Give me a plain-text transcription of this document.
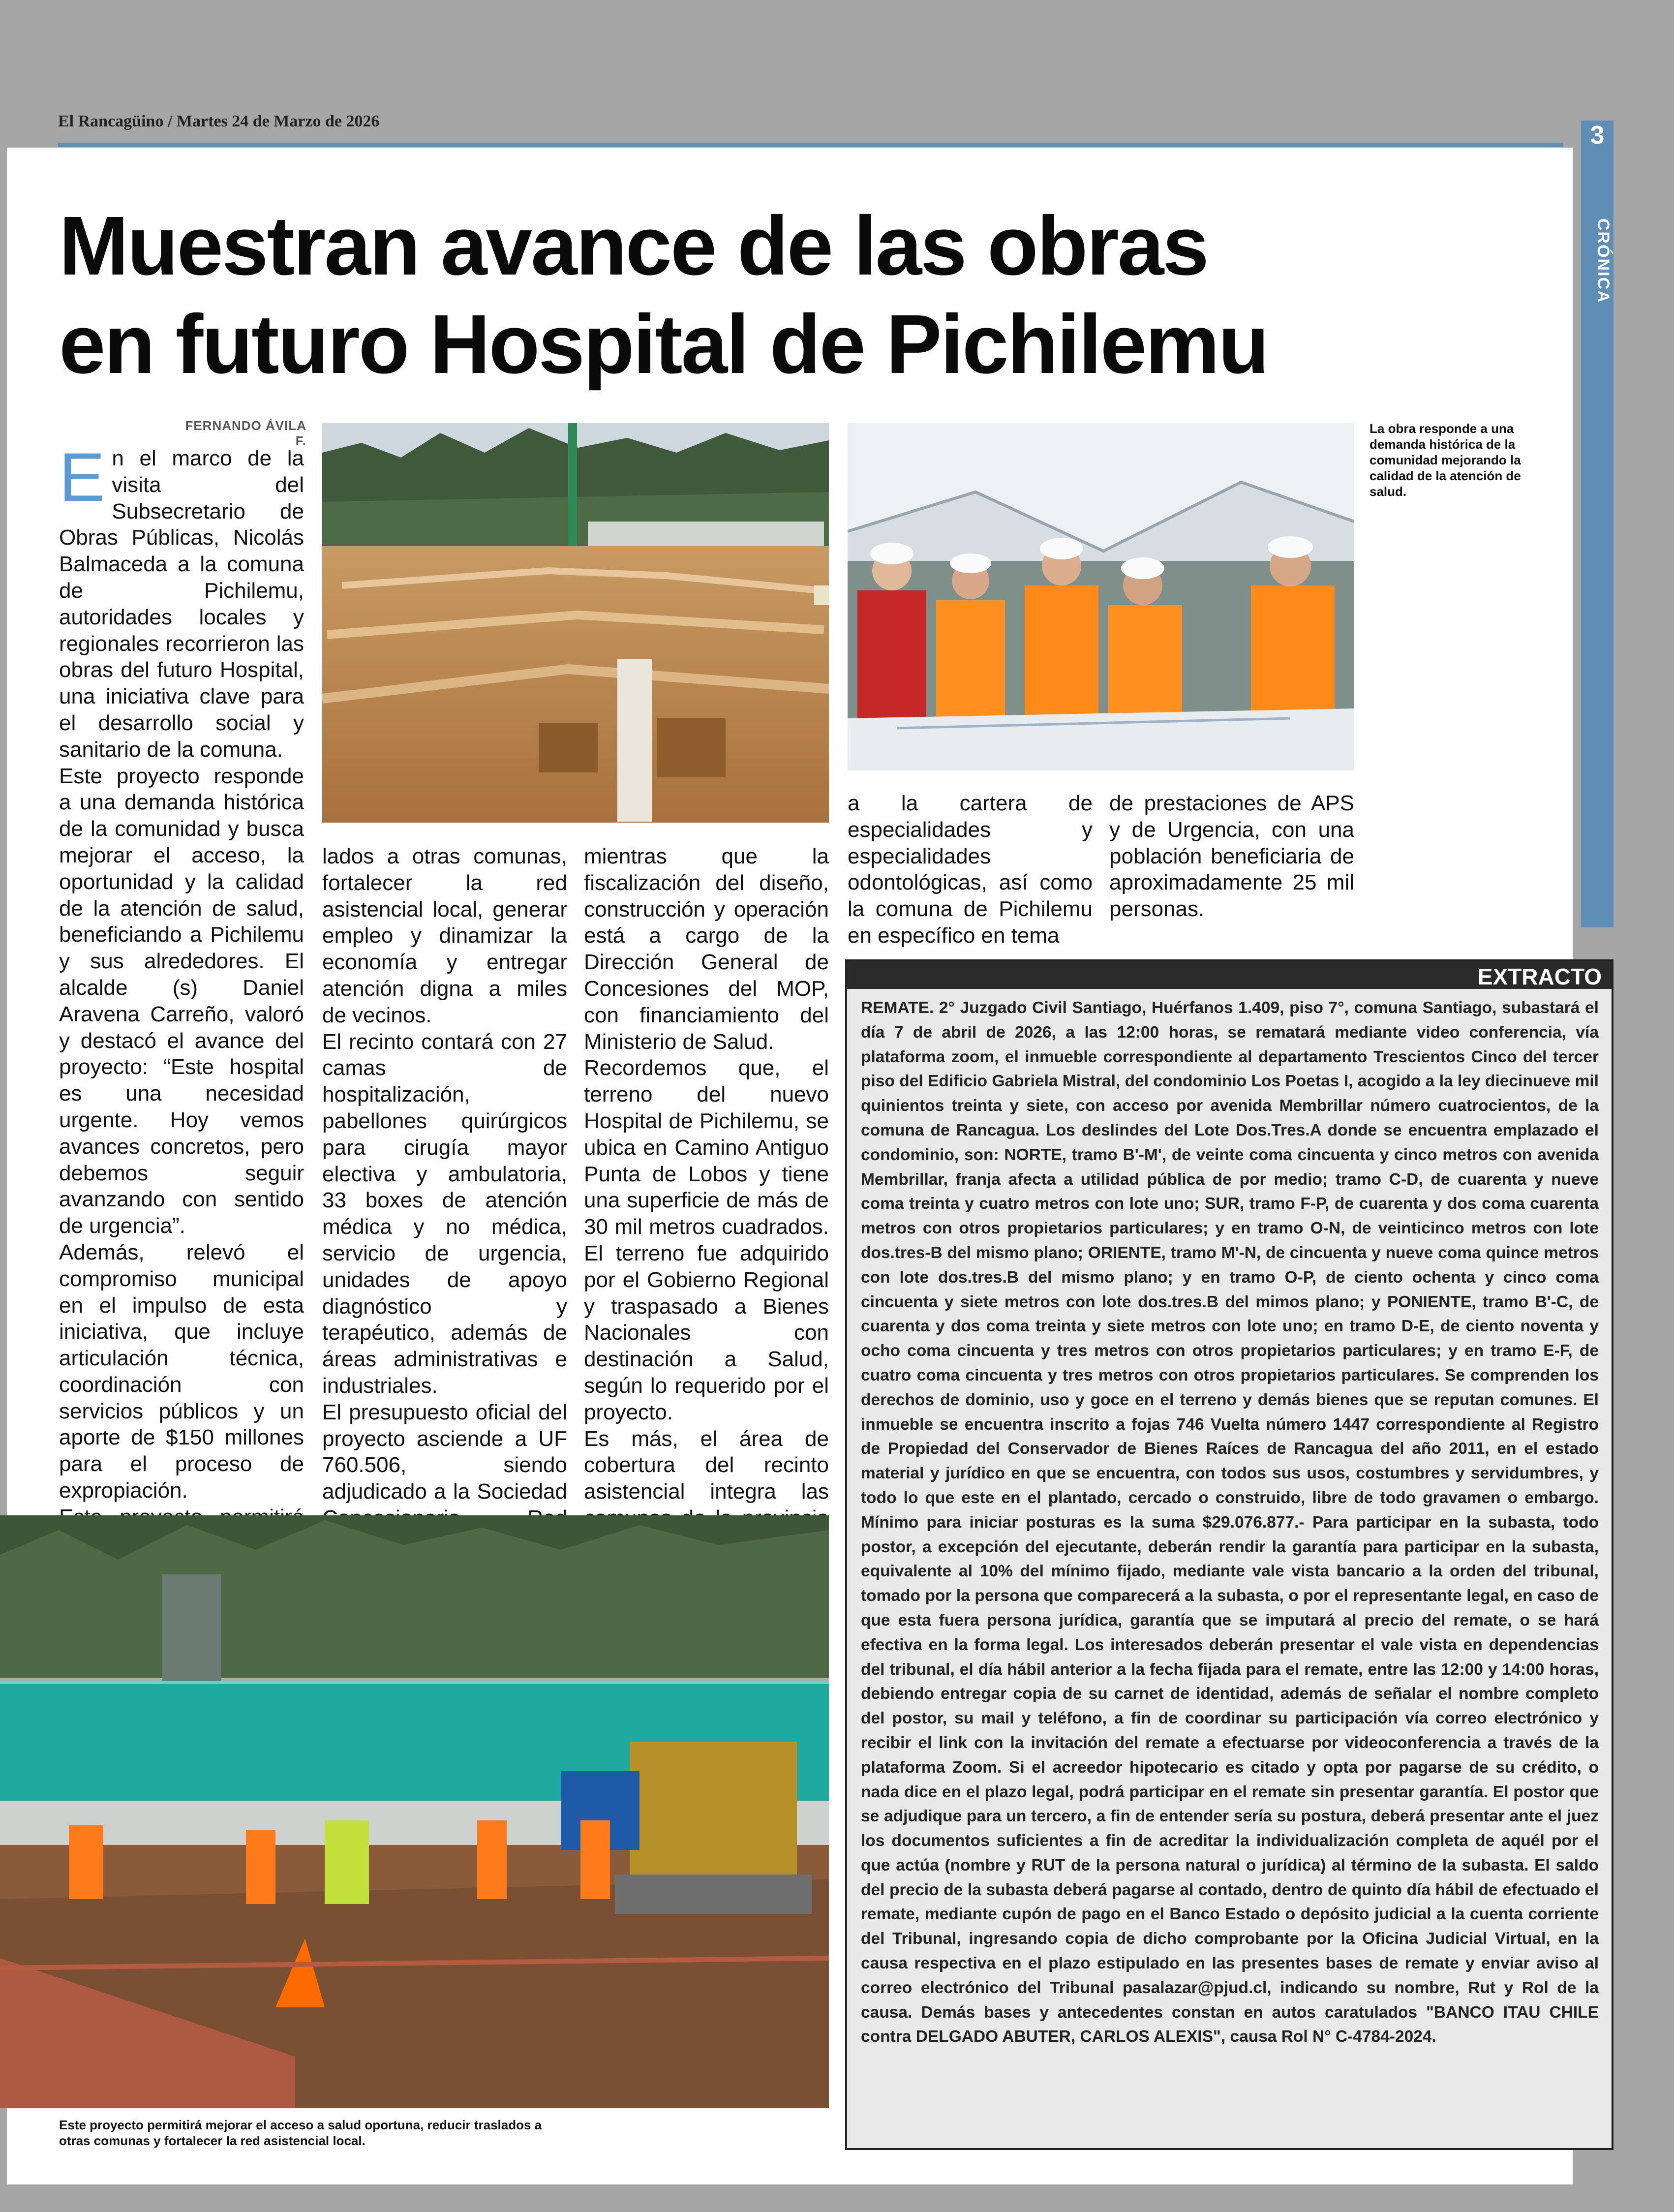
El Rancagüino / Martes 24 de Marzo de 2026	3
CRÓNICA
Muestran avance de las obras en futuro Hospital de Pichilemu
FERNANDO ÁVILA F.
E n el marco de la visita del Subsecretario de Obras Públicas, Nicolás Balmaceda a la comuna de Pichilemu, autoridades locales y regionales recorrieron las obras del futuro Hospital, una iniciativa clave para el desarrollo social y sanitario de la comuna.

Este proyecto responde a una demanda histórica de la comunidad y busca mejorar el acceso, la oportunidad y la calidad de la atención de salud, beneficiando a Pichilemu y sus alrededores. El alcalde (s) Daniel Aravena Carreño, valoró y destacó el avance del proyecto: “Este hospital es una necesidad urgente. Hoy vemos avances concretos, pero debemos seguir avanzando con sentido de urgencia”.

Además, relevó el compromiso municipal en el impulso de esta iniciativa, que incluye articulación técnica, coordinación con servicios públicos y un aporte de $150 millones para el proceso de expropiación.

La obra responde a una demanda histórica de la comunidad mejorando la calidad de la atención de salud.

lados a otras comunas, fortalecer la red asistencial local, generar empleo y dinamizar la economía y entregar atención digna a miles de vecinos.

El recinto contará con 27 camas de hospitalización, pabellones quirúrgicos para cirugía mayor electiva y ambulatoria, 33 boxes de atención médica y no médica, servicio de urgencia, unidades de apoyo diagnóstico y terapéutico, además de áreas administrativas e industriales.

El presupuesto oficial del proyecto asciende a UF 760.506, siendo adjudicado a la Sociedad

mientras que la fiscalización del diseño, construcción y operación está a cargo de la Dirección General de Concesiones del MOP, con financiamiento del Ministerio de Salud.

Recordemos que, el terreno del nuevo Hospital de Pichilemu, se ubica en Camino Antiguo Punta de Lobos y tiene una superficie de más de 30 mil metros cuadrados. El terreno fue adquirido por el Gobierno Regional y traspasado a Bienes Nacionales con destinación a Salud, según lo requerido por el proyecto.

Es más, el área de cobertura del recinto asistencial integra las

a la cartera de especialidades y especialidades odontológicas, así como la comuna de Pichilemu en específico en tema

de prestaciones de APS y de Urgencia, con una población beneficiaria de aproximadamente 25 mil personas.

Este proyecto permitirá mejorar el acceso a salud oportuna, reducir traslados a otras comunas y fortalecer la red asistencial local.
EXTRACTO
REMATE. 2° Juzgado Civil Santiago, Huérfanos 1.409, piso 7°, comuna Santiago, subastará el día 7 de abril de 2026, a las 12:00 horas, se rematará mediante video conferencia, vía plataforma zoom, el inmueble correspondiente al departamento Trescientos Cinco del tercer piso del Edificio Gabriela Mistral, del condominio Los Poetas I, acogido a la ley diecinueve mil quinientos treinta y siete, con acceso por avenida Membrillar número cuatrocientos, de la comuna de Rancagua. Los deslindes del Lote Dos.Tres.A donde se encuentra emplazado el condominio, son: NORTE, tramo B'-M', de veinte coma cincuenta y cinco metros con avenida Membrillar, franja afecta a utilidad pública de por medio; tramo C-D, de cuarenta y nueve coma treinta y cuatro metros con lote uno; SUR, tramo F-P, de cuarenta y dos coma cuarenta metros con otros propietarios particulares; y en tramo O-N, de veinticinco metros con lote dos.tres-B del mismo plano; ORIENTE, tramo M'-N, de cincuenta y nueve coma quince metros con lote dos.tres.B del mismo plano; y en tramo O-P, de ciento ochenta y cinco coma cincuenta y siete metros con lote dos.tres.B del mimos plano; y PONIENTE, tramo B'-C, de cuarenta y dos coma treinta y siete metros con lote uno; en tramo D-E, de ciento noventa y ocho coma cincuenta y tres metros con otros propietarios particulares; y en tramo E-F, de cuatro coma cincuenta y tres metros con otros propietarios particulares. Se comprenden los derechos de dominio, uso y goce en el terreno y demás bienes que se reputan comunes. El inmueble se encuentra inscrito a fojas 746 Vuelta número 1447 correspondiente al Registro de Propiedad del Conservador de Bienes Raíces de Rancagua del año 2011, en el estado material y jurídico en que se encuentra, con todos sus usos, costumbres y servidumbres, y todo lo que este en el plantado, cercado o construido, libre de todo gravamen o embargo. Mínimo para iniciar posturas es la suma $29.076.877.- Para participar en la subasta, todo postor, a excepción del ejecutante, deberán rendir la garantía para participar en la subasta, equivalente al 10% del mínimo fijado, mediante vale vista bancario a la orden del tribunal, tomado por la persona que comparecerá a la subasta, o por el representante legal, en caso de que esta fuera persona jurídica, garantía que se imputará al precio del remate, o se hará efectiva en la forma legal. Los interesados deberán presentar el vale vista en dependencias del tribunal, el día hábil anterior a la fecha fijada para el remate, entre las 12:00 y 14:00 horas, debiendo entregar copia de su carnet de identidad, además de señalar el nombre completo del postor, su mail y teléfono, a fin de coordinar su participación vía correo electrónico y recibir el link con la invitación del remate a efectuarse por videoconferencia a través de la plataforma Zoom. Si el acreedor hipotecario es citado y opta por pagarse de su crédito, o nada dice en el plazo legal, podrá participar en el remate sin presentar garantía. El postor que se adjudique para un tercero, a fin de entender sería su postura, deberá presentar ante el juez los documentos suficientes a fin de acreditar la individualización completa de aquél por el que actúa (nombre y RUT de la persona natural o jurídica) al término de la subasta. El saldo del precio de la subasta deberá pagarse al contado, dentro de quinto día hábil de efectuado el remate, mediante cupón de pago en el Banco Estado o depósito judicial a la cuenta corriente del Tribunal, ingresando copia de dicho comprobante por la Oficina Judicial Virtual, en la causa respectiva en el plazo estipulado en las presentes bases de remate y enviar aviso al correo electrónico del Tribunal pasalazar@pjud.cl, indicando su nombre, Rut y Rol de la causa. Demás bases y antecedentes constan en autos caratulados "BANCO ITAU CHILE contra DELGADO ABUTER, CARLOS ALEXIS", causa Rol N° C-4784-2024.
